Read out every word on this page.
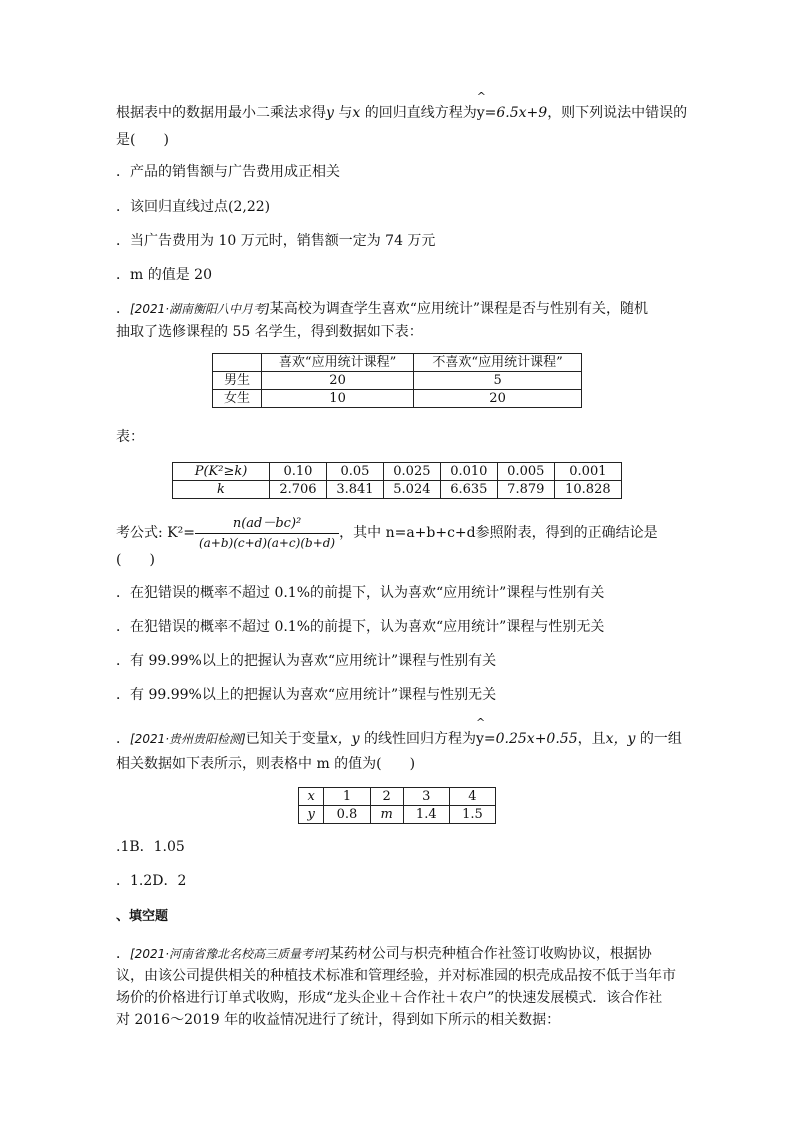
根据表中的数据用最小二乘法求得y 与x 的回归直线方程为
^
y=6.5x+9，则下列说法中错误的
是(　　)
．产品的销售额与广告费用成正相关
．该回归直线过点(2,22)
．当广告费用为 10 万元时，销售额一定为 74 万元
．m 的值是 20
．[2021·湖南衡阳八中月考]某高校为调查学生喜欢“应用统计”课程是否与性别有关，随机
抽取了选修课程的 55 名学生，得到数据如下表：
	喜欢“应用统计课程”	不喜欢“应用统计课程”
男生	20	5
女生	10	20
表：
P(K²≥k)	0.10	0.05	0.025	0.010	0.005	0.001
k	2.706	3.841	5.024	6.635	7.879	10.828
考公式: $K^2= \frac{\text{n(ad－bc)²}}{(a+b)(c+d)(a+c)(b+d)}$ ，其中 n=a+b+c+d参照附表，得到的正确结论是
(　　)
．在犯错误的概率不超过 0.1%的前提下，认为喜欢“应用统计”课程与性别有关
．在犯错误的概率不超过 0.1%的前提下，认为喜欢“应用统计”课程与性别无关
．有 99.99%以上的把握认为喜欢“应用统计”课程与性别有关
．有 99.99%以上的把握认为喜欢“应用统计”课程与性别无关
．[2021·贵州贵阳检测]已知关于变量x，y 的线性回归方程为
^
y=0.25x+0.55，且x，y 的一组
相关数据如下表所示，则表格中 m 的值为(　　)
x	1	2	3	4
y	0.8	m	1.4	1.5
.1B．1.05
．1.2D．2
、填空题
．[2021·河南省豫北名校高三质量考评]某药材公司与枳壳种植合作社签订收购协议，根据协
议，由该公司提供相关的种植技术标准和管理经验，并对标准园的枳壳成品按不低于当年市
场价的价格进行订单式收购，形成“龙头企业＋合作社＋农户”的快速发展模式．该合作社
对 2016～2019 年的收益情况进行了统计，得到如下所示的相关数据：
